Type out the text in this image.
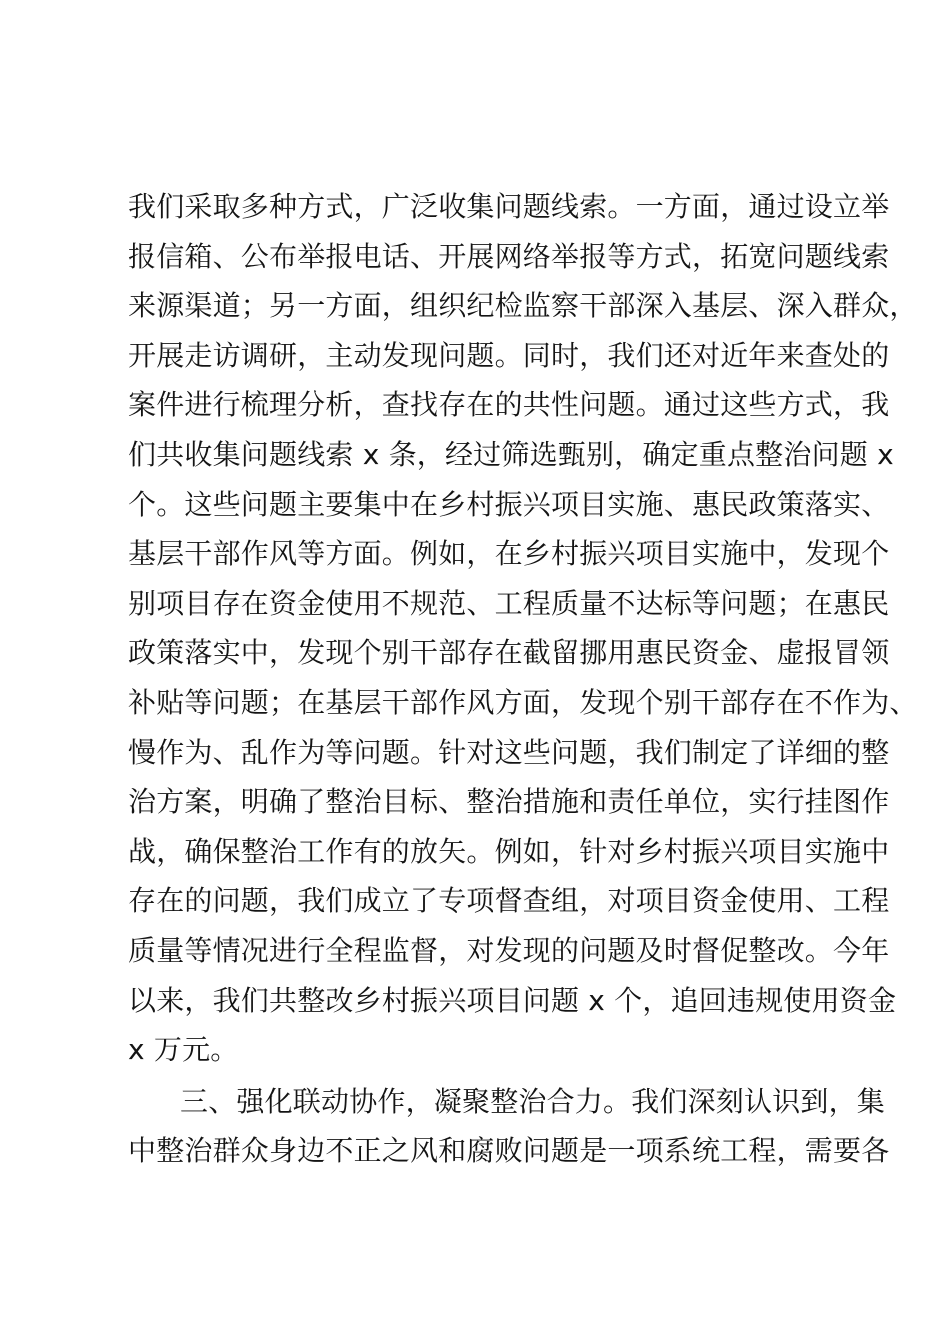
我们采取多种方式，广泛收集问题线索。一方面，通过设立举
报信箱、公布举报电话、开展网络举报等方式，拓宽问题线索
来源渠道；另一方面，组织纪检监察干部深入基层、深入群众，
开展走访调研，主动发现问题。同时，我们还对近年来查处的
案件进行梳理分析，查找存在的共性问题。通过这些方式，我
们共收集问题线索 x 条，经过筛选甄别，确定重点整治问题 x
个。这些问题主要集中在乡村振兴项目实施、惠民政策落实、
基层干部作风等方面。例如，在乡村振兴项目实施中，发现个
别项目存在资金使用不规范、工程质量不达标等问题；在惠民
政策落实中，发现个别干部存在截留挪用惠民资金、虚报冒领
补贴等问题；在基层干部作风方面，发现个别干部存在不作为、
慢作为、乱作为等问题。针对这些问题，我们制定了详细的整
治方案，明确了整治目标、整治措施和责任单位，实行挂图作
战，确保整治工作有的放矢。例如，针对乡村振兴项目实施中
存在的问题，我们成立了专项督查组，对项目资金使用、工程
质量等情况进行全程监督，对发现的问题及时督促整改。今年
以来，我们共整改乡村振兴项目问题 x 个，追回违规使用资金
x 万元。
三、强化联动协作，凝聚整治合力。我们深刻认识到，集
中整治群众身边不正之风和腐败问题是一项系统工程，需要各
